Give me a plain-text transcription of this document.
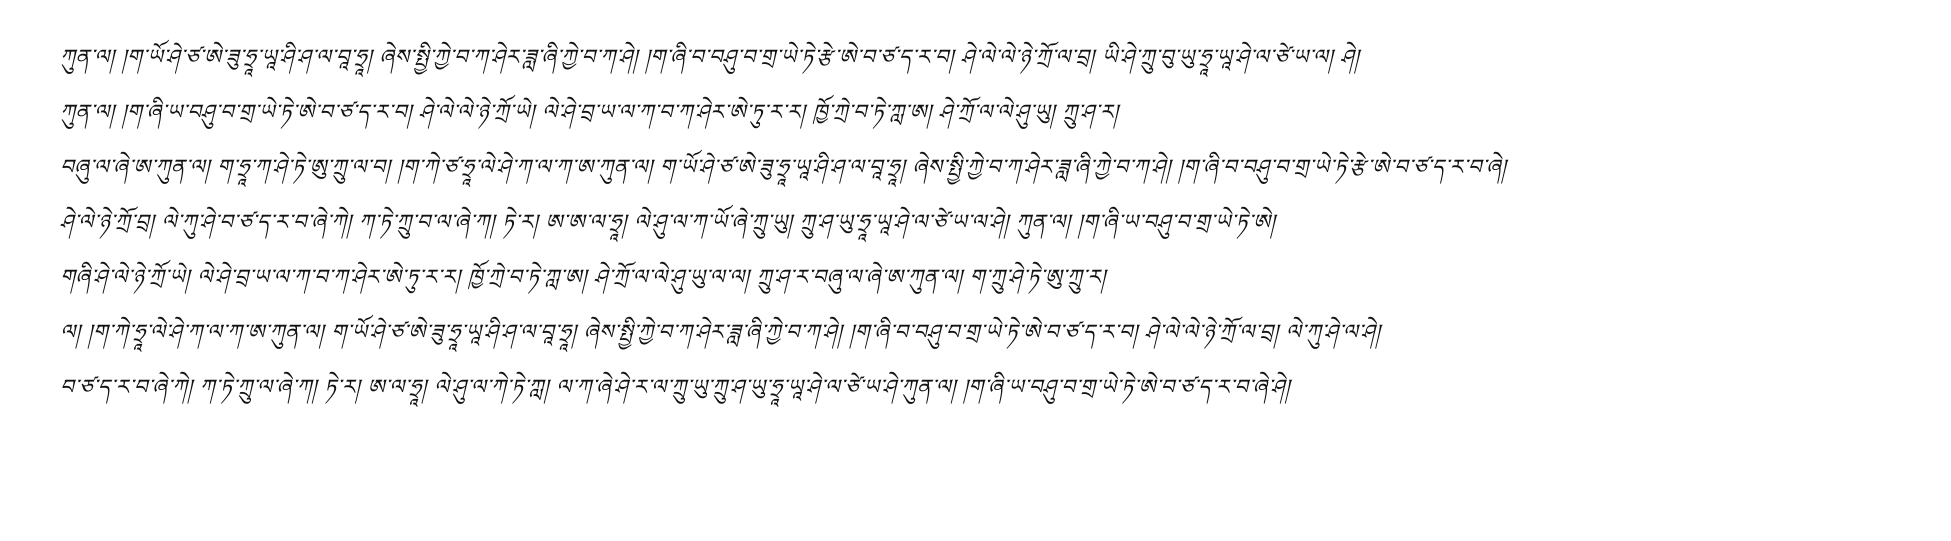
ཀུན་ལ། །ག་ཡོ་ཤེ་ཙ་ཨེ་ཟུ་ཧྲཱ་ཡཱ་ཤི་ཤ་ལ་བཱ་ཧྲཱ། ཞེས་སྤྱི་ཀྱེ་བ་ཀ་ཤེར་ཟླ་ཞི་ཀྱེ་བ་ཀ་ཤེ། །ག་ཞི་བ་བཤུ་བ་གྲ་ཡེ་ཏེ་རྩེ་ཨེ་བ་ཙ་ད་ར་བ། ཤེ་ལེ་ལེ་ཉེ་ཀྲོ་ལ་བྲ། ཡི་ཤེ་ཀྲུ་བུ་ཡུ་ཧྲཱ་ཡཱ་ཤེ་ལ་ཙེ་ཡ་ལ། ཤེ།
ཀུན་ལ། །ག་ཞི་ཡ་བཤུ་བ་གྲ་ཡེ་ཏེ་ཨེ་བ་ཙ་ད་ར་བ། ཤེ་ལེ་ལེ་ཉེ་ཀྲོ་ཡེ། ལེ་ཤེ་བྲ་ཡ་ལ་ཀ་བ་ཀ་ཤེར་ཨེ་ཏུ་ར་ར། ཁྱོ་ཀྲེ་བ་ཏེ་ཀླ་ཨ། ཤེ་ཀྲོ་ལ་ལེ་ཤུ་ཡུ། ཀྲུ་ཤ་ར།
བཞུ་ལ་ཞེ་ཨ་ཀུན་ལ། ག་ཧྲཱ་ཀ་ཤེ་ཏེ་ཨུ་ཀྲུ་ལ་བ། །ག་ཀེ་ཙ་ཧྲཱ་ལེ་ཤེ་ཀ་ལ་ཀ་ཨ་ཀུན་ལ། ག་ཡོ་ཤེ་ཙ་ཨེ་ཟུ་ཧྲཱ་ཡཱ་ཤི་ཤ་ལ་བཱ་ཧྲཱ། ཞེས་སྤྱི་ཀྱེ་བ་ཀ་ཤེར་ཟླ་ཞི་ཀྱེ་བ་ཀ་ཤེ། །ག་ཞི་བ་བཤུ་བ་གྲ་ཡེ་ཏེ་རྩེ་ཨེ་བ་ཙ་ད་ར་བ་ཞེ།
ཤེ་ལེ་ཉེ་ཀྲོ་བྲ། ལེ་ཀུ་ཤེ་བ་ཙ་ད་ར་བ་ཞེ་ཀེ། ཀ་ཏེ་ཀྲུ་བ་ལ་ཞེ་ཀ། ཏེ་ར། ཨ་ཨ་ལ་ཧྲཱ། ལེ་ཤུ་ལ་ཀ་ཡོ་ཞེ་ཀྲུ་ཡུ། ཀྲུ་ཤ་ཡུ་ཧྲཱ་ཡཱ་ཤེ་ལ་ཙེ་ཡ་ལ་ཤེ། ཀུན་ལ། །ག་ཞི་ཡ་བཤུ་བ་གྲ་ཡེ་ཏེ་ཨེ།
གཞི་ཤེ་ལེ་ཉེ་ཀྲོ་ཡེ། ལེ་ཤེ་བྲ་ཡ་ལ་ཀ་བ་ཀ་ཤེར་ཨེ་ཏུ་ར་ར། ཁྱོ་ཀྲེ་བ་ཏེ་ཀླ་ཨ། ཤེ་ཀྲོ་ལ་ལེ་ཤུ་ཡུ་ལ་ལ། ཀྲུ་ཤ་ར་བཞུ་ལ་ཞེ་ཨ་ཀུན་ལ། ག་ཀྲུ་ཤེ་ཏེ་ཨུ་ཀྲུ་ར།
ལ། །ག་ཀེ་ཧྲཱ་ལེ་ཤེ་ཀ་ལ་ཀ་ཨ་ཀུན་ལ། ག་ཡོ་ཤེ་ཙ་ཨེ་ཟུ་ཧྲཱ་ཡཱ་ཤི་ཤ་ལ་བཱ་ཧྲཱ། ཞེས་སྤྱི་ཀྱེ་བ་ཀ་ཤེར་ཟླ་ཞི་ཀྱེ་བ་ཀ་ཤེ། །ག་ཞི་བ་བཤུ་བ་གྲ་ཡེ་ཏེ་ཨེ་བ་ཙ་ད་ར་བ། ཤེ་ལེ་ལེ་ཉེ་ཀྲོ་ལ་བྲ། ལེ་ཀུ་ཤེ་ལ་ཤེ།
བ་ཙ་ད་ར་བ་ཞེ་ཀེ། ཀ་ཏེ་ཀྲུ་ལ་ཞེ་ཀ། ཏེ་ར། ཨ་ལ་ཧྲཱ། ལེ་ཤུ་ལ་ཀེ་ཏེ་ཀླ། ལ་ཀ་ཞེ་ཤེ་ར་ལ་ཀྲུ་ཡུ་ཀྲུ་ཤ་ཡུ་ཧྲཱ་ཡཱ་ཤེ་ལ་ཙེ་ཡ་ཤེ་ཀུན་ལ། །ག་ཞི་ཡ་བཤུ་བ་གྲ་ཡེ་ཏེ་ཨེ་བ་ཙ་ད་ར་བ་ཞེ་ཤེ།
